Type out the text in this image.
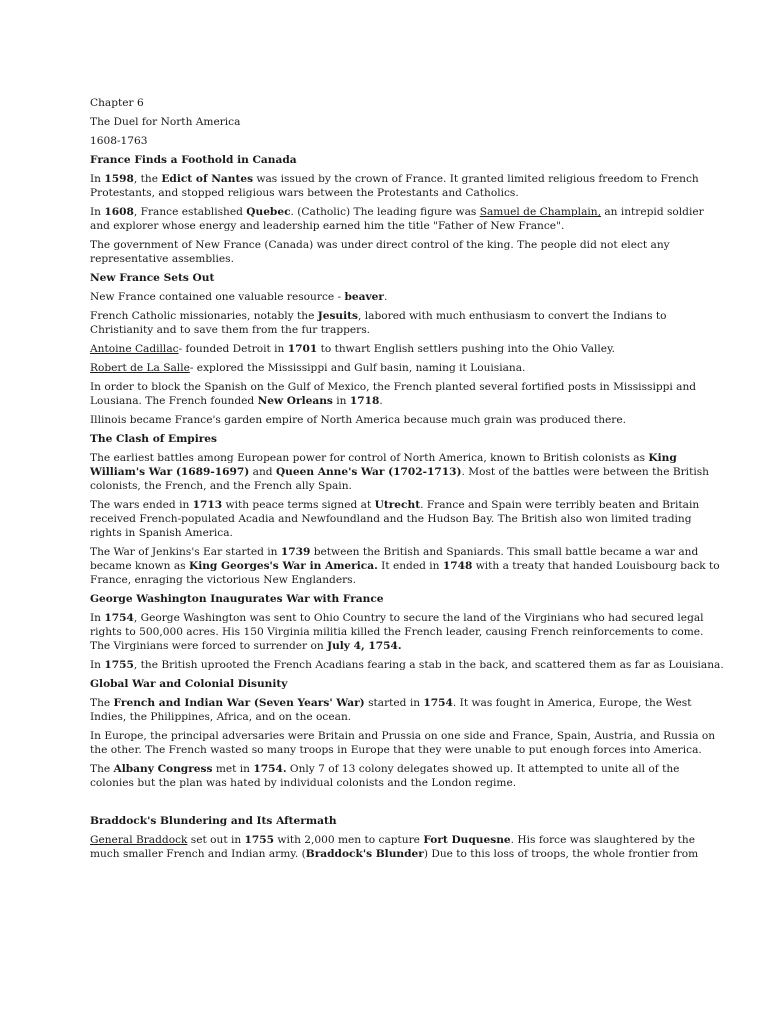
Chapter 6

The Duel for North America

1608-1763

France Finds a Foothold in Canada

In 1598, the Edict of Nantes was issued by the crown of France. It granted limited religious freedom to French
Protestants, and stopped religious wars between the Protestants and Catholics.

In 1608, France established Quebec. (Catholic) The leading figure was Samuel de Champlain, an intrepid soldier
and explorer whose energy and leadership earned him the title "Father of New France".

The government of New France (Canada) was under direct control of the king. The people did not elect any
representative assemblies.

New France Sets Out

New France contained one valuable resource - beaver.

French Catholic missionaries, notably the Jesuits, labored with much enthusiasm to convert the Indians to
Christianity and to save them from the fur trappers.

Antoine Cadillac- founded Detroit in 1701 to thwart English settlers pushing into the Ohio Valley.

Robert de La Salle- explored the Mississippi and Gulf basin, naming it Louisiana.

In order to block the Spanish on the Gulf of Mexico, the French planted several fortified posts in Mississippi and
Lousiana. The French founded New Orleans in 1718.

Illinois became France's garden empire of North America because much grain was produced there.

The Clash of Empires

The earliest battles among European power for control of North America, known to British colonists as King
William's War (1689-1697) and Queen Anne's War (1702-1713). Most of the battles were between the British
colonists, the French, and the French ally Spain.

The wars ended in 1713 with peace terms signed at Utrecht. France and Spain were terribly beaten and Britain
received French-populated Acadia and Newfoundland and the Hudson Bay. The British also won limited trading
rights in Spanish America.

The War of Jenkins's Ear started in 1739 between the British and Spaniards. This small battle became a war and
became known as King Georges's War in America. It ended in 1748 with a treaty that handed Louisbourg back to
France, enraging the victorious New Englanders.

George Washington Inaugurates War with France

In 1754, George Washington was sent to Ohio Country to secure the land of the Virginians who had secured legal
rights to 500,000 acres. His 150 Virginia militia killed the French leader, causing French reinforcements to come.
The Virginians were forced to surrender on July 4, 1754.

In 1755, the British uprooted the French Acadians fearing a stab in the back, and scattered them as far as Louisiana.

Global War and Colonial Disunity

The French and Indian War (Seven Years' War) started in 1754. It was fought in America, Europe, the West
Indies, the Philippines, Africa, and on the ocean.

In Europe, the principal adversaries were Britain and Prussia on one side and France, Spain, Austria, and Russia on
the other. The French wasted so many troops in Europe that they were unable to put enough forces into America.

The Albany Congress met in 1754. Only 7 of 13 colony delegates showed up. It attempted to unite all of the
colonies but the plan was hated by individual colonists and the London regime.

Braddock's Blundering and Its Aftermath

General Braddock set out in 1755 with 2,000 men to capture Fort Duquesne. His force was slaughtered by the
much smaller French and Indian army. (Braddock's Blunder) Due to this loss of troops, the whole frontier from
